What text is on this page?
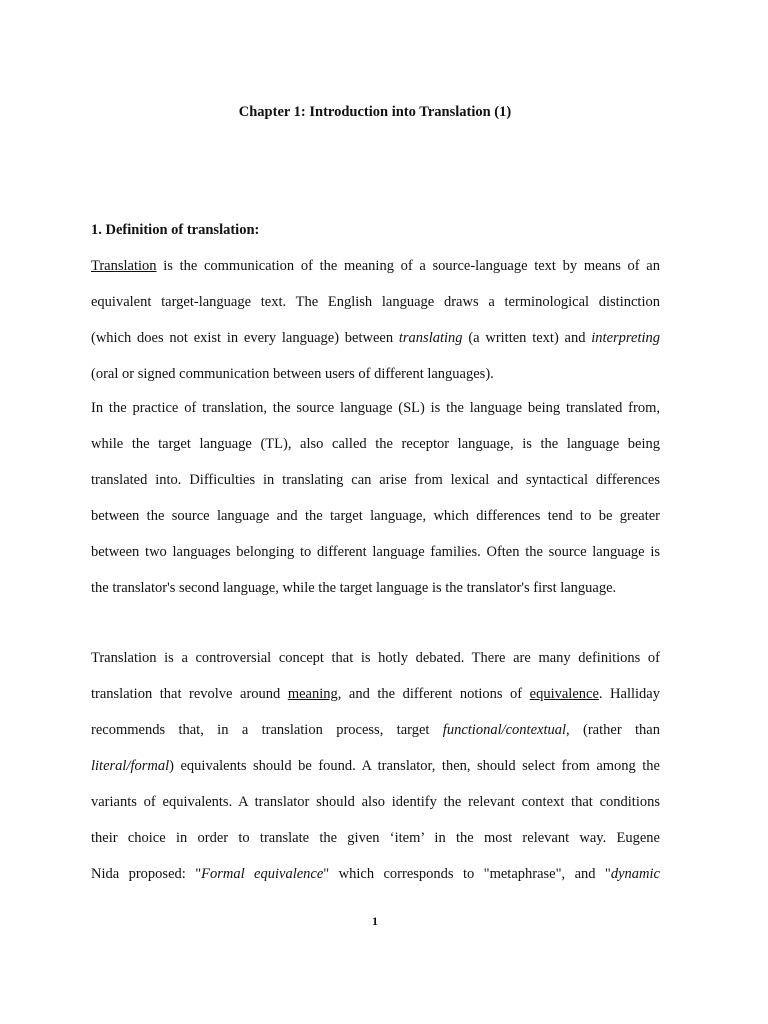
Chapter 1: Introduction into Translation (1)

1. Definition of translation:

Translation is the communication of the meaning of a source-language text by means of an
equivalent target-language text. The English language draws a terminological distinction
(which does not exist in every language) between translating (a written text) and interpreting
(oral or signed communication between users of different languages).
In the practice of translation, the source language (SL) is the language being translated from,
while the target language (TL), also called the receptor language, is the language being
translated into. Difficulties in translating can arise from lexical and syntactical differences
between the source language and the target language, which differences tend to be greater
between two languages belonging to different language families. Often the source language is
the translator's second language, while the target language is the translator's first language.
Translation is a controversial concept that is hotly debated. There are many definitions of
translation that revolve around meaning, and the different notions of equivalence. Halliday
recommends that, in a translation process, target functional/contextual, (rather than
literal/formal) equivalents should be found. A translator, then, should select from among the
variants of equivalents. A translator should also identify the relevant context that conditions
their choice in order to translate the given ‘item’ in the most relevant way. Eugene
Nida proposed: "Formal equivalence" which corresponds to "metaphrase", and "dynamic

1
